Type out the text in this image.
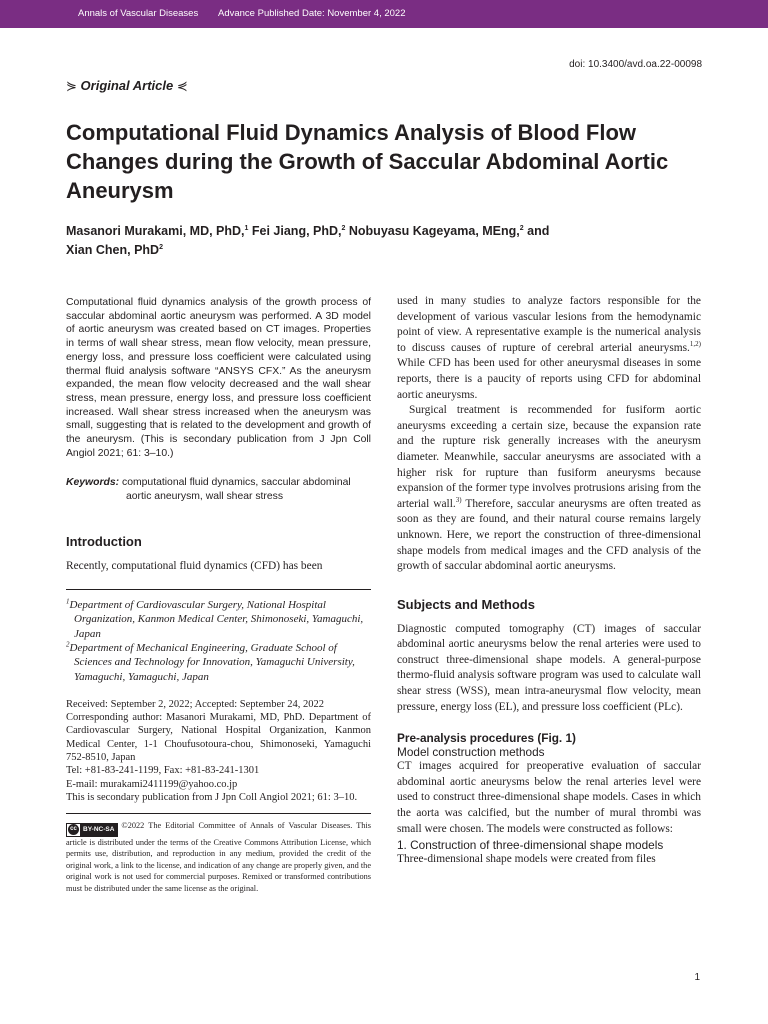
Annals of Vascular Diseases Advance Published Date: November 4, 2022
doi: 10.3400/avd.oa.22-00098
⋟ Original Article ⋞
Computational Fluid Dynamics Analysis of Blood Flow Changes during the Growth of Saccular Abdominal Aortic Aneurysm
Masanori Murakami, MD, PhD,$^1$ Fei Jiang, PhD,$^2$ Nobuyasu Kageyama, MEng,$^2$ and
Xian Chen, PhD$^2$

Computational fluid dynamics analysis of the growth process of saccular abdominal aortic aneurysm was performed. A 3D model of aortic aneurysm was created based on CT images. Properties in terms of wall shear stress, mean flow velocity, mean pressure, energy loss, and pressure loss coefficient were calculated using thermal fluid analysis software “ANSYS CFX.” As the aneurysm expanded, the mean flow velocity decreased and the wall shear stress, mean pressure, energy loss, and pressure loss coefficient increased. Wall shear stress increased when the aneurysm was small, suggesting that is related to the development and growth of the aneurysm. (This is secondary publication from J Jpn Coll Angiol 2021; 61: 3–10.)

Keywords: computational fluid dynamics, saccular abdominal aortic aneurysm, wall shear stress
Introduction

Recently, computational fluid dynamics (CFD) has been

$^1$Department of Cardiovascular Surgery, National Hospital Organization, Kanmon Medical Center, Shimonoseki, Yamaguchi, Japan

$^2$Department of Mechanical Engineering, Graduate School of Sciences and Technology for Innovation, Yamaguchi University, Yamaguchi, Yamaguchi, Japan

Received: September 2, 2022; Accepted: September 24, 2022

Corresponding author: Masanori Murakami, MD, PhD. Department of Cardiovascular Surgery, National Hospital Organization, Kanmon Medical Center, 1-1 Choufusotoura-chou, Shimonoseki, Yamaguchi 752-8510, Japan

Tel: +81-83-241-1199, Fax: +81-83-241-1301

E-mail: murakami2411199@yahoo.co.jp

This is secondary publication from J Jpn Coll Angiol 2021; 61: 3–10.

cc BY-NC-SA ©2022 The Editorial Committee of Annals of Vascular Diseases. This article is distributed under the terms of the Creative Commons Attribution License, which permits use, distribution, and reproduction in any medium, provided the credit of the original work, a link to the license, and indication of any change are properly given, and the original work is not used for commercial purposes. Remixed or transformed contributions must be distributed under the same license as the original.

used in many studies to analyze factors responsible for the development of various vascular lesions from the hemodynamic point of view. A representative example is the numerical analysis to discuss causes of rupture of cerebral arterial aneurysms.$^{1,2)}$ While CFD has been used for other aneurysmal diseases in some reports, there is a paucity of reports using CFD for abdominal aortic aneurysms.

Surgical treatment is recommended for fusiform aortic aneurysms exceeding a certain size, because the expansion rate and the rupture risk generally increases with the aneurysm diameter. Meanwhile, saccular aneurysms are associated with a higher risk for rupture than fusiform aneurysms because expansion of the former type involves protrusions arising from the arterial wall.$^{3)}$ Therefore, saccular aneurysms are often treated as soon as they are found, and their natural course remains largely unknown. Here, we report the construction of three-dimensional shape models from medical images and the CFD analysis of the growth of saccular abdominal aortic aneurysms.

Subjects and Methods

Diagnostic computed tomography (CT) images of saccular abdominal aortic aneurysms below the renal arteries were used to construct three-dimensional shape models. A general-purpose thermo-fluid analysis software program was used to calculate wall shear stress (WSS), mean intra-aneurysmal flow velocity, mean pressure, energy loss (EL), and pressure loss coefficient (PLc).

Pre-analysis procedures (Fig. 1)

Model construction methods

CT images acquired for preoperative evaluation of saccular abdominal aortic aneurysms below the renal arteries level were used to construct three-dimensional shape models. Cases in which the aorta was calcified, but the number of mural thrombi was small were chosen. The models were constructed as follows:

1. Construction of three-dimensional shape models

Three-dimensional shape models were created from files

1
